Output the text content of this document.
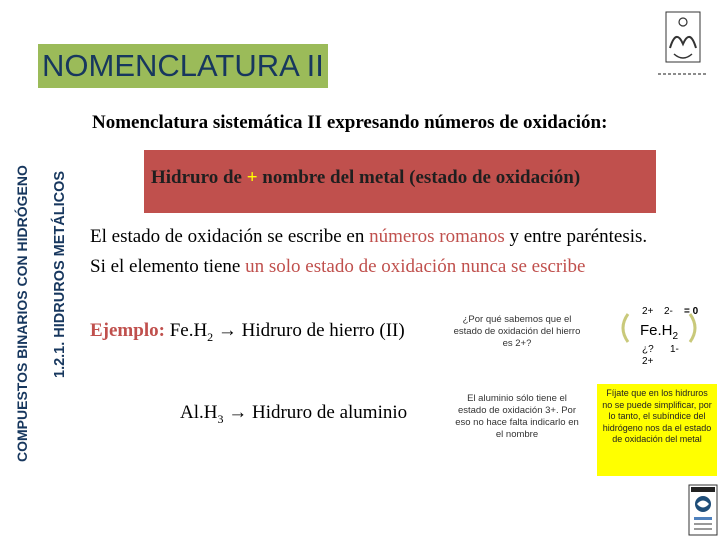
COMPUESTOS BINARIOS CON HIDRÓGENO 1.2.1. HIDRUROS METÁLICOS
NOMENCLATURA II
Nomenclatura sistemática II expresando números de oxidación:
Hidruro de + nombre del metal (estado de oxidación)
El estado de oxidación se escribe en números romanos y entre paréntesis.
Si el elemento tiene un solo estado de oxidación nunca se escribe
Ejemplo: $Fe.H_2$ → Hidruro de hierro (II)
$Al.H_3$ → Hidruro de aluminio
¿Por qué sabemos que el estado de oxidación del hierro es 2+?
El aluminio sólo tiene el estado de oxidación 3+. Por eso no hace falta indicarlo en el nombre
2+ 2- = 0
$Fe.H_2$
¿? 1-
2+
Fíjate que en los hidruros no se puede simplificar, por lo tanto, el subíndice del hidrógeno nos da el estado de oxidación del metal
